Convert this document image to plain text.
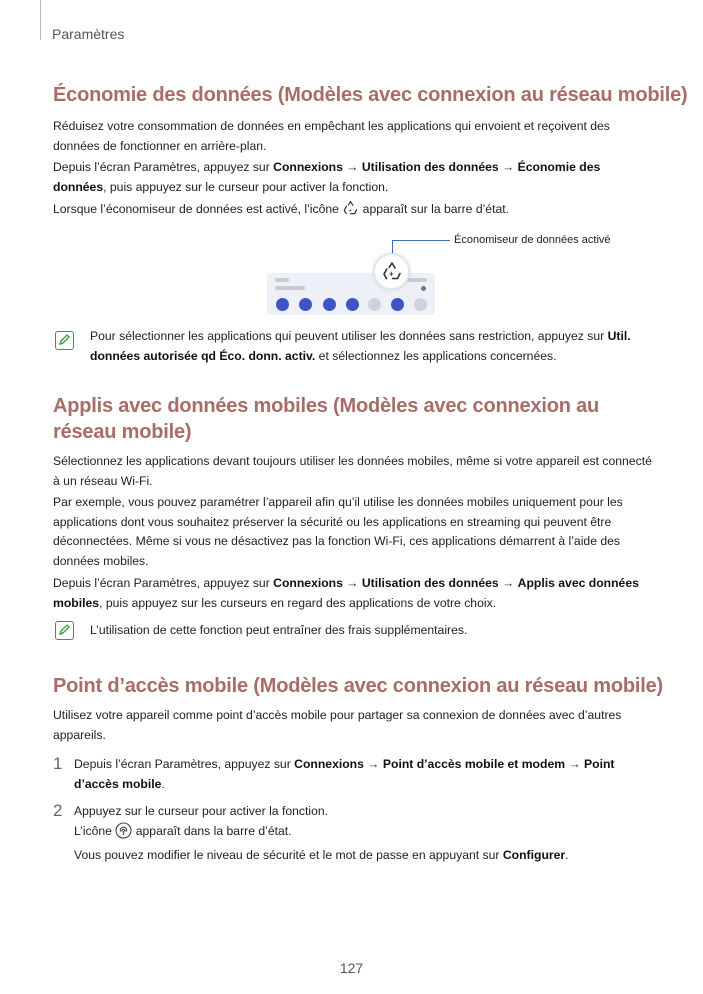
Paramètres
Économie des données (Modèles avec connexion au réseau mobile)
Réduisez votre consommation de données en empêchant les applications qui envoient et reçoivent des données de fonctionner en arrière-plan.
Depuis l’écran Paramètres, appuyez sur Connexions → Utilisation des données → Économie des données, puis appuyez sur le curseur pour activer la fonction.
Lorsque l’économiseur de données est activé, l’icône + apparaît sur la barre d’état.
Économiseur de données activé
+
Pour sélectionner les applications qui peuvent utiliser les données sans restriction, appuyez sur Util. données autorisée qd Éco. donn. activ. et sélectionnez les applications concernées.
Applis avec données mobiles (Modèles avec connexion au réseau mobile)
Sélectionnez les applications devant toujours utiliser les données mobiles, même si votre appareil est connecté à un réseau Wi-Fi.
Par exemple, vous pouvez paramétrer l’appareil afin qu’il utilise les données mobiles uniquement pour les applications dont vous souhaitez préserver la sécurité ou les applications en streaming qui peuvent être déconnectées. Même si vous ne désactivez pas la fonction Wi-Fi, ces applications démarrent à l’aide des données mobiles.
Depuis l’écran Paramètres, appuyez sur Connexions → Utilisation des données → Applis avec données mobiles, puis appuyez sur les curseurs en regard des applications de votre choix.
L’utilisation de cette fonction peut entraîner des frais supplémentaires.
Point d’accès mobile (Modèles avec connexion au réseau mobile)
Utilisez votre appareil comme point d’accès mobile pour partager sa connexion de données avec d’autres appareils.
1 Depuis l’écran Paramètres, appuyez sur Connexions → Point d’accès mobile et modem → Point d’accès mobile.
2 Appuyez sur le curseur pour activer la fonction.
L’icône  apparaît dans la barre d’état.
Vous pouvez modifier le niveau de sécurité et le mot de passe en appuyant sur Configurer.
127
